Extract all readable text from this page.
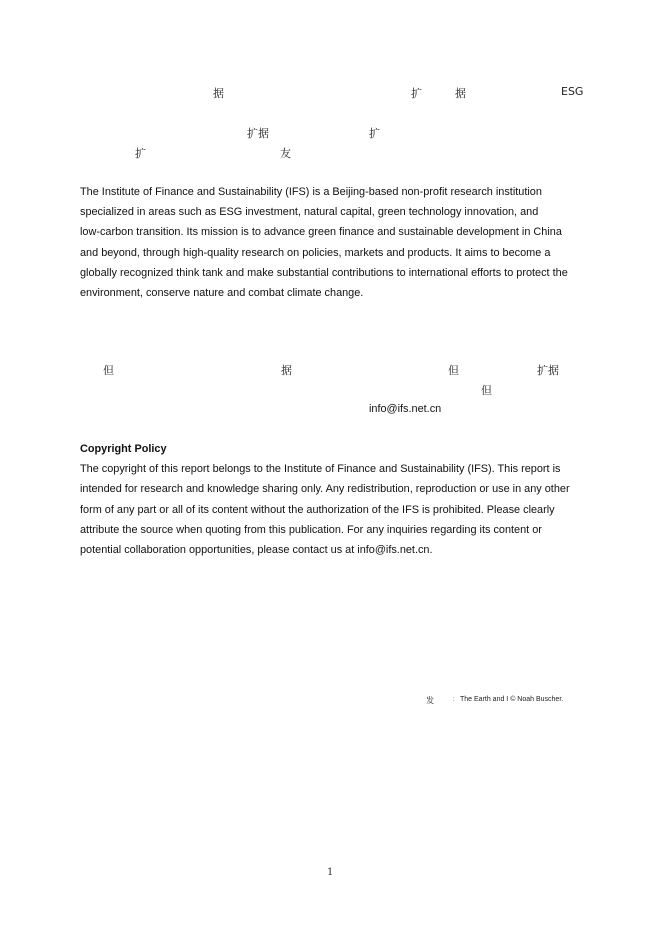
据	扩	据	ESG
扩据	扩
扩	友
The Institute of Finance and Sustainability (IFS) is a Beijing-based non-profit research institution
specialized in areas such as ESG investment, natural capital, green technology innovation, and
low-carbon transition. Its mission is to advance green finance and sustainable development in China
and beyond, through high-quality research on policies, markets and products. It aims to become a
globally recognized think tank and make substantial contributions to international efforts to protect the
environment, conserve nature and combat climate change.
但	据	但	扩据
但
info@ifs.net.cn
Copyright Policy
The copyright of this report belongs to the Institute of Finance and Sustainability (IFS). This report is
intended for research and knowledge sharing only. Any redistribution, reproduction or use in any other
form of any part or all of its content without the authorization of the IFS is prohibited. Please clearly
attribute the source when quoting from this publication. For any inquiries regarding its content or
potential collaboration opportunities, please contact us at info@ifs.net.cn.
发	: The Earth and I © Noah Buscher.
1
